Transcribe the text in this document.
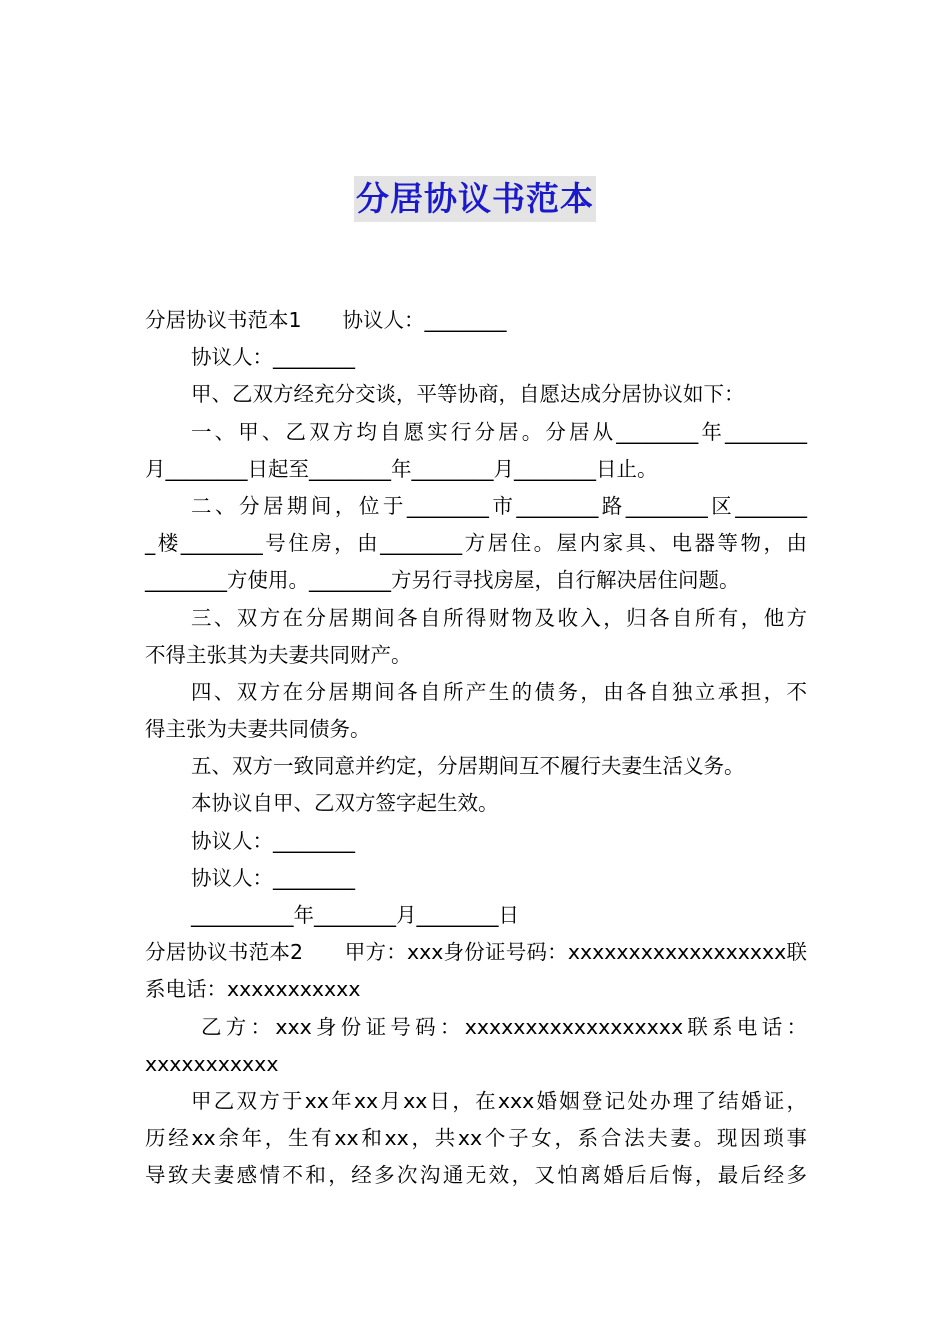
分居协议书范本
分居协议书范本1　　协议人：________
协议人：________
甲、乙双方经充分交谈，平等协商，自愿达成分居协议如下：
一、甲、乙双方均自愿实行分居。分居从________年________
月________日起至________年________月________日止。
二、分居期间，位于________市________路________区_______
_楼________号住房，由________方居住。屋内家具、电器等物，由
________方使用。________方另行寻找房屋，自行解决居住问题。
三、双方在分居期间各自所得财物及收入，归各自所有，他方
不得主张其为夫妻共同财产。
四、双方在分居期间各自所产生的债务，由各自独立承担，不
得主张为夫妻共同债务。
五、双方一致同意并约定，分居期间互不履行夫妻生活义务。
本协议自甲、乙双方签字起生效。
协议人：________
协议人：________
__________年________月________日
分居协议书范本2　　甲方：xxx身份证号码：xxxxxxxxxxxxxxxxxx联
系电话：xxxxxxxxxxx
乙方：xxx身份证号码：xxxxxxxxxxxxxxxxxx联系电话：
xxxxxxxxxxx
甲乙双方于xx年xx月xx日，在xxx婚姻登记处办理了结婚证，
历经xx余年，生有xx和xx，共xx个子女，系合法夫妻。现因琐事
导致夫妻感情不和，经多次沟通无效，又怕离婚后后悔，最后经多
